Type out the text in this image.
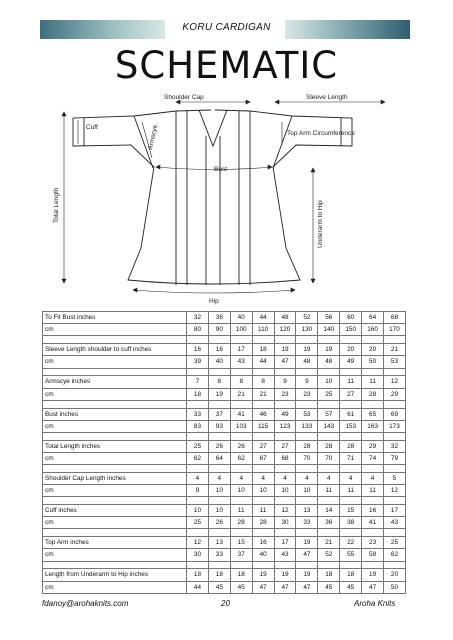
KORU CARDIGAN
SCHEMATIC
Shoulder Cap	Sleeve Length
Cuff	Armscye	Top Arm Circumference
Bust
Total Length	Underarm to Hip
Hip
To Fit Bust inches	32	36	40	44	48	52	56	60	64	68
cm	80	90	100	110	120	130	140	150	160	170

Sleeve Length shoulder to cuff inches	16	16	17	18	19	19	19	20	20	21
cm	39	40	43	44	47	48	48	49	50	53

Armscye inches	7	8	8	8	9	9	10	11	11	12
cm	18	19	21	21	23	23	25	27	28	29

Bust inches	33	37	41	46	49	53	57	61	65	69
cm	83	93	103	115	123	133	143	153	163	173

Total Length inches	25	26	26	27	27	28	28	28	29	32
cm	62	64	62	67	68	70	70	71	74	79

Shoulder Cap Length inches	4	4	4	4	4	4	4	4	4	5
cm	9	10	10	10	10	10	11	11	11	12

Cuff inches	10	10	11	11	12	13	14	15	16	17
cm	25	26	28	28	30	33	36	38	41	43

Top Arm inches	12	13	15	16	17	19	21	22	23	25
cm	30	33	37	40	43	47	52	55	58	62

Length from Underarm to Hip inches	18	18	18	19	19	19	18	18	19	20
cm	44	45	45	47	47	47	45	45	47	50
fdanoy@arohaknits.com	20	Aroha Knits
